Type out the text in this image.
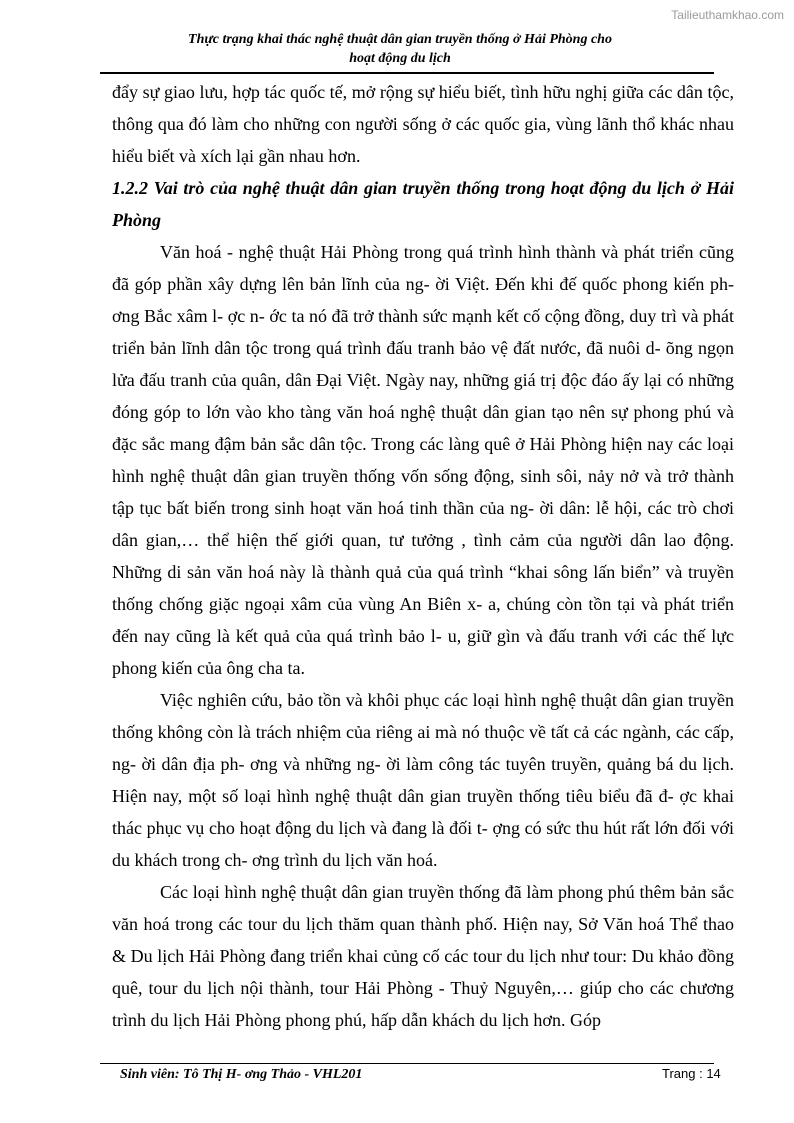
Tailieuthamkhao.com
Thực trạng khai thác nghệ thuật dân gian truyền thống ở Hải Phòng cho
hoạt động du lịch

đẩy sự giao lưu, hợp tác quốc tế, mở rộng sự hiểu biết, tình hữu nghị giữa các dân tộc, thông qua đó làm cho những con người sống ở các quốc gia, vùng lãnh thổ khác nhau hiểu biết và xích lại gần nhau hơn.

1.2.2 Vai trò của nghệ thuật dân gian truyền thống trong hoạt động du lịch ở Hải Phòng

Văn hoá - nghệ thuật Hải Phòng trong quá trình hình thành và phát triển cũng đã góp phần xây dựng lên bản lĩnh của ng- ời Việt. Đến khi đế quốc phong kiến ph- ơng Bắc xâm l- ợc n- ớc ta nó đã trở thành sức mạnh kết cố cộng đồng, duy trì và phát triển bản lĩnh dân tộc trong quá trình đấu tranh bảo vệ đất nước, đã nuôi d- õng ngọn lửa đấu tranh của quân, dân Đại Việt. Ngày nay, những giá trị độc đáo ấy lại có những đóng góp to lớn vào kho tàng văn hoá nghệ thuật dân gian tạo nên sự phong phú và đặc sắc mang đậm bản sắc dân tộc. Trong các làng quê ở Hải Phòng hiện nay các loại hình nghệ thuật dân gian truyền thống vốn sống động, sinh sôi, nảy nở và trở thành tập tục bất biến trong sinh hoạt văn hoá tinh thần của ng- ời dân: lễ hội, các trò chơi dân gian,… thể hiện thế giới quan, tư tưởng , tình cảm của người dân lao động. Những di sản văn hoá này là thành quả của quá trình “khai sông lấn biển” và truyền thống chống giặc ngoại xâm của vùng An Biên x- a, chúng còn tồn tại và phát triển đến nay cũng là kết quả của quá trình bảo l- u, giữ gìn và đấu tranh với các thế lực phong kiến của ông cha ta.

Việc nghiên cứu, bảo tồn và khôi phục các loại hình nghệ thuật dân gian truyền thống không còn là trách nhiệm của riêng ai mà nó thuộc về tất cả các ngành, các cấp, ng- ời dân địa ph- ơng và những ng- ời làm công tác tuyên truyền, quảng bá du lịch. Hiện nay, một số loại hình nghệ thuật dân gian truyền thống tiêu biểu đã đ- ợc khai thác phục vụ cho hoạt động du lịch và đang là đối t- ợng có sức thu hút rất lớn đối với du khách trong ch- ơng trình du lịch văn hoá.

Các loại hình nghệ thuật dân gian truyền thống đã làm phong phú thêm bản sắc văn hoá trong các tour du lịch thăm quan thành phố. Hiện nay, Sở Văn hoá Thể thao & Du lịch Hải Phòng đang triển khai củng cố các tour du lịch như tour: Du khảo đồng quê, tour du lịch nội thành, tour Hải Phòng - Thuỷ Nguyên,… giúp cho các chương trình du lịch Hải Phòng phong phú, hấp dẫn khách du lịch hơn. Góp

Sinh viên: Tô Thị H- ơng Thảo - VHL201	Trang : 14
